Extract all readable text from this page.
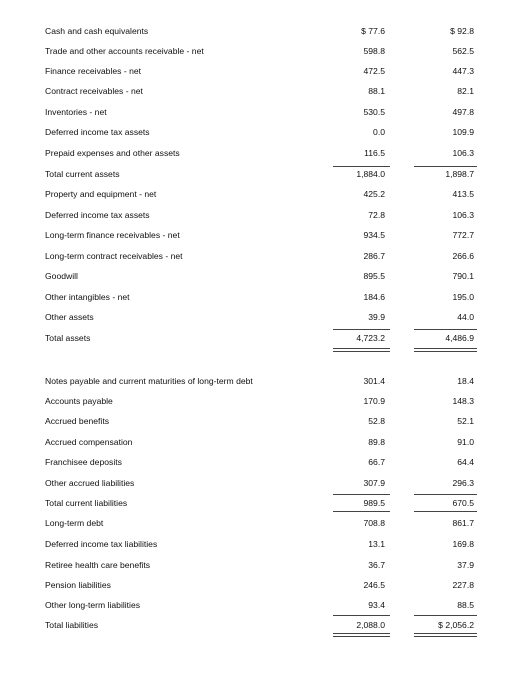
Cash and cash equivalents	$ 77.6	$ 92.8
Trade and other accounts receivable - net	598.8	562.5
Finance receivables - net	472.5	447.3
Contract receivables - net	88.1	82.1
Inventories - net	530.5	497.8
Deferred income tax assets	0.0	109.9
Prepaid expenses and other assets	116.5	106.3
Total current assets	1,884.0	1,898.7
Property and equipment - net	425.2	413.5
Deferred income tax assets	72.8	106.3
Long-term finance receivables - net	934.5	772.7
Long-term contract receivables - net	286.7	266.6
Goodwill	895.5	790.1
Other intangibles - net	184.6	195.0
Other assets	39.9	44.0
Total assets	4,723.2	4,486.9
Notes payable and current maturities of long-term debt	301.4	18.4
Accounts payable	170.9	148.3
Accrued benefits	52.8	52.1
Accrued compensation	89.8	91.0
Franchisee deposits	66.7	64.4
Other accrued liabilities	307.9	296.3
Total current liabilities	989.5	670.5
Long-term debt	708.8	861.7
Deferred income tax liabilities	13.1	169.8
Retiree health care benefits	36.7	37.9
Pension liabilities	246.5	227.8
Other long-term liabilities	93.4	88.5
Total liabilities	2,088.0	$ 2,056.2
